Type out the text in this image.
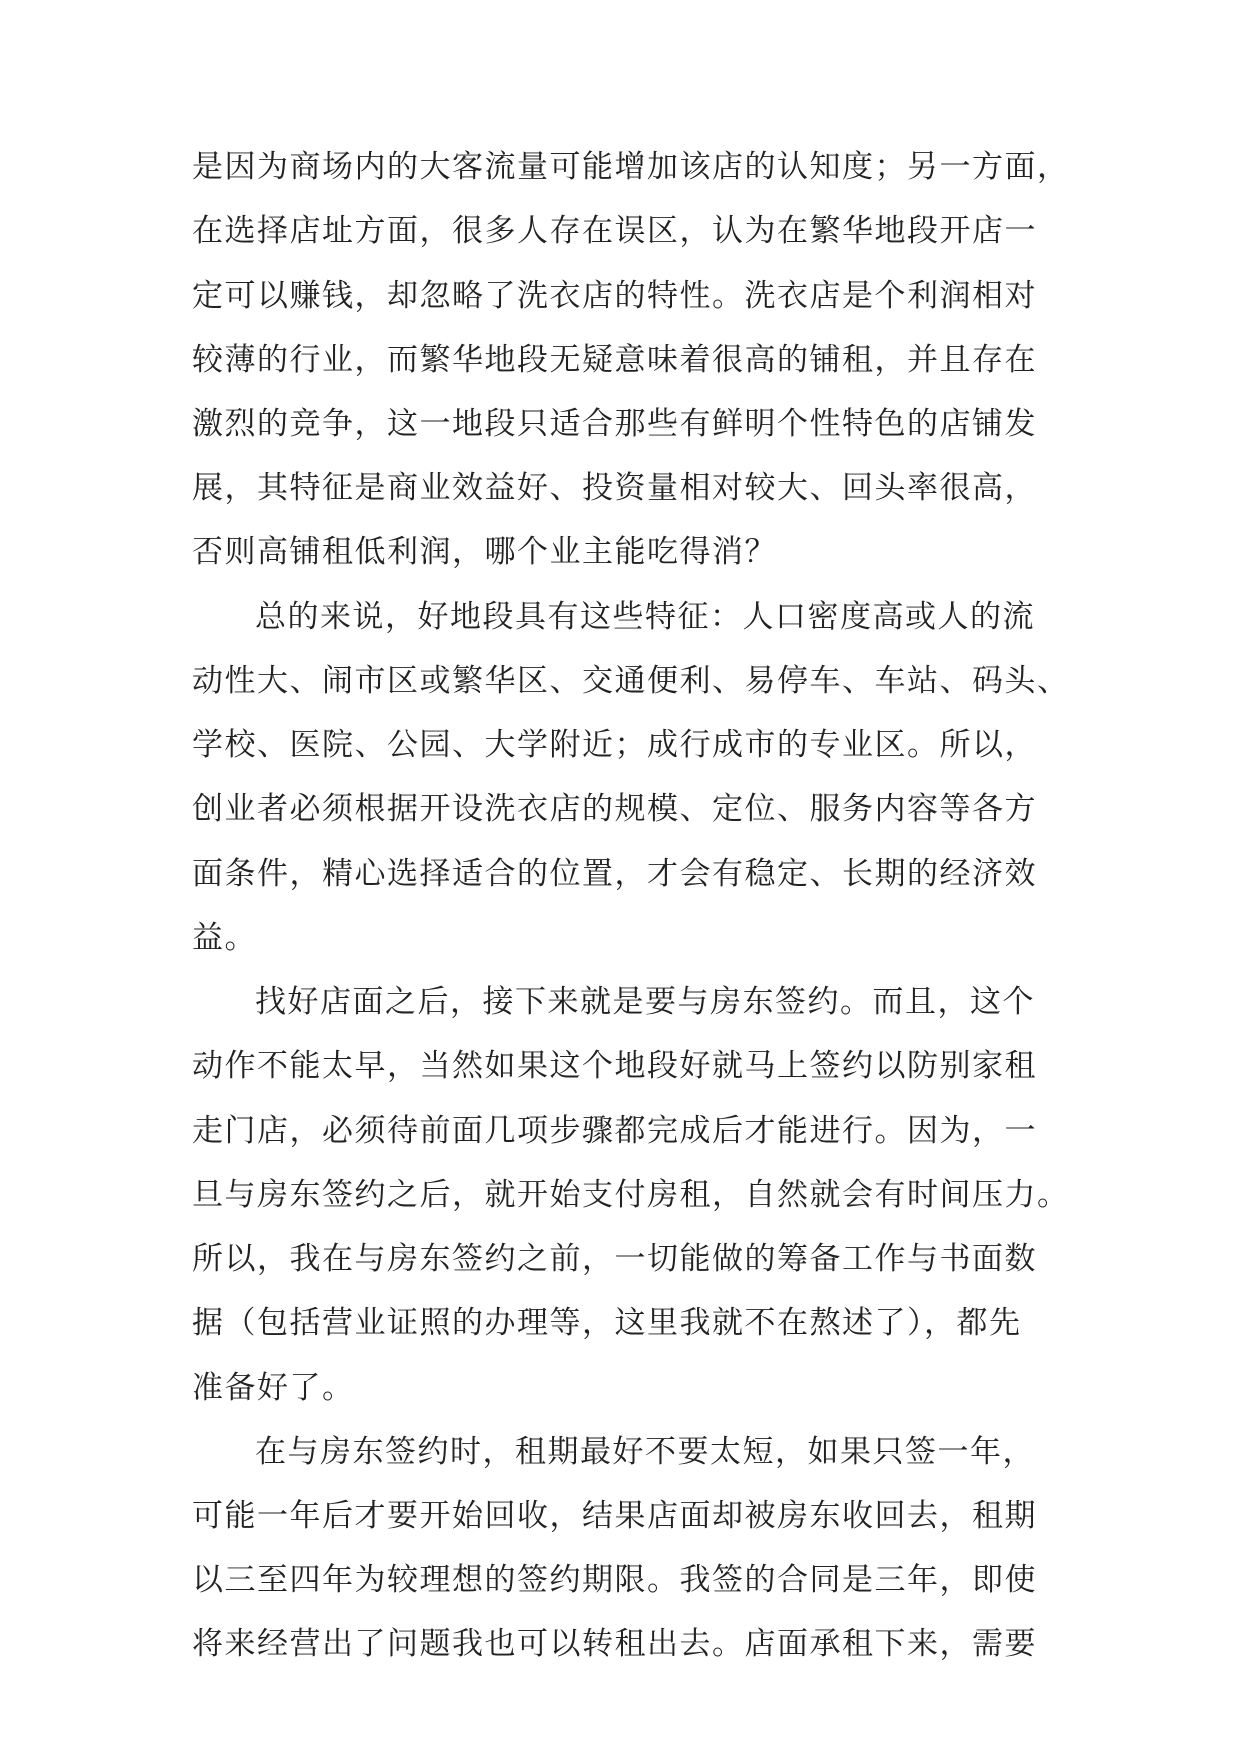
是因为商场内的大客流量可能增加该店的认知度；另一方面，
在选择店址方面，很多人存在误区，认为在繁华地段开店一
定可以赚钱，却忽略了洗衣店的特性。洗衣店是个利润相对
较薄的行业，而繁华地段无疑意味着很高的铺租，并且存在
激烈的竞争，这一地段只适合那些有鲜明个性特色的店铺发
展，其特征是商业效益好、投资量相对较大、回头率很高，
否则高铺租低利润，哪个业主能吃得消？
总的来说，好地段具有这些特征：人口密度高或人的流
动性大、闹市区或繁华区、交通便利、易停车、车站、码头、
学校、医院、公园、大学附近；成行成市的专业区。所以，
创业者必须根据开设洗衣店的规模、定位、服务内容等各方
面条件，精心选择适合的位置，才会有稳定、长期的经济效
益。
找好店面之后，接下来就是要与房东签约。而且，这个
动作不能太早，当然如果这个地段好就马上签约以防别家租
走门店，必须待前面几项步骤都完成后才能进行。因为，一
旦与房东签约之后，就开始支付房租，自然就会有时间压力。
所以，我在与房东签约之前，一切能做的筹备工作与书面数
据（包括营业证照的办理等，这里我就不在熬述了），都先
准备好了。
在与房东签约时，租期最好不要太短，如果只签一年，
可能一年后才要开始回收，结果店面却被房东收回去，租期
以三至四年为较理想的签约期限。我签的合同是三年，即使
将来经营出了问题我也可以转租出去。店面承租下来，需要
